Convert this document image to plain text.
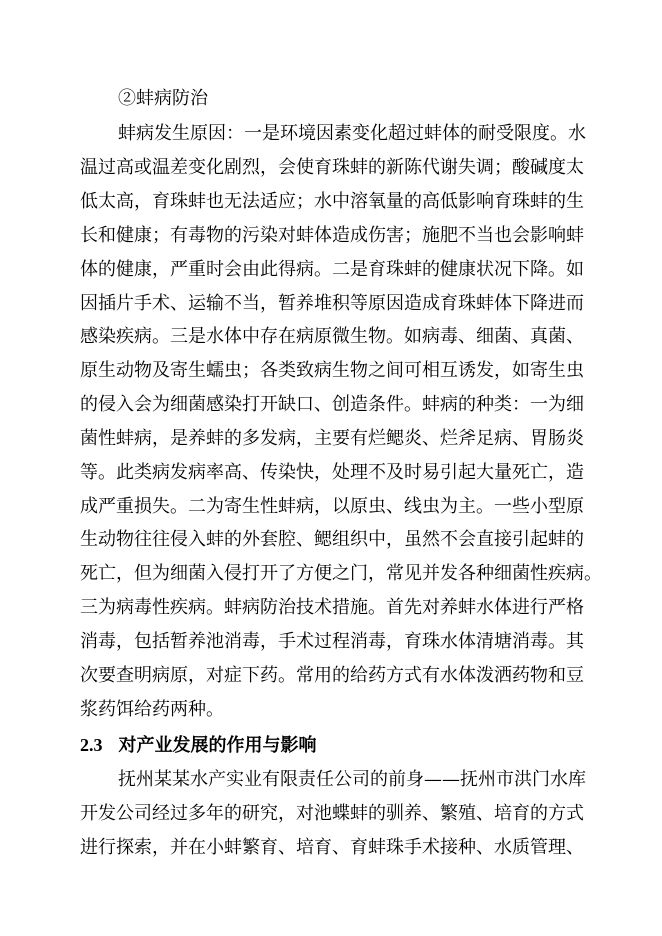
②蚌病防治
蚌病发生原因：一是环境因素变化超过蚌体的耐受限度。水
温过高或温差变化剧烈，会使育珠蚌的新陈代谢失调；酸碱度太
低太高，育珠蚌也无法适应；水中溶氧量的高低影响育珠蚌的生
长和健康；有毒物的污染对蚌体造成伤害；施肥不当也会影响蚌
体的健康，严重时会由此得病。二是育珠蚌的健康状况下降。如
因插片手术、运输不当，暂养堆积等原因造成育珠蚌体下降进而
感染疾病。三是水体中存在病原微生物。如病毒、细菌、真菌、
原生动物及寄生蠕虫；各类致病生物之间可相互诱发，如寄生虫
的侵入会为细菌感染打开缺口、创造条件。蚌病的种类：一为细
菌性蚌病，是养蚌的多发病，主要有烂鳃炎、烂斧足病、胃肠炎
等。此类病发病率高、传染快，处理不及时易引起大量死亡，造
成严重损失。二为寄生性蚌病，以原虫、线虫为主。一些小型原
生动物往往侵入蚌的外套腔、鳃组织中，虽然不会直接引起蚌的
死亡，但为细菌入侵打开了方便之门，常见并发各种细菌性疾病。
三为病毒性疾病。蚌病防治技术措施。首先对养蚌水体进行严格
消毒，包括暂养池消毒，手术过程消毒，育珠水体清塘消毒。其
次要查明病原，对症下药。常用的给药方式有水体泼洒药物和豆
浆药饵给药两种。
2.3 对产业发展的作用与影响
抚州某某水产实业有限责任公司的前身——抚州市洪门水库
开发公司经过多年的研究，对池蝶蚌的驯养、繁殖、培育的方式
进行探索，并在小蚌繁育、培育、育蚌珠手术接种、水质管理、
